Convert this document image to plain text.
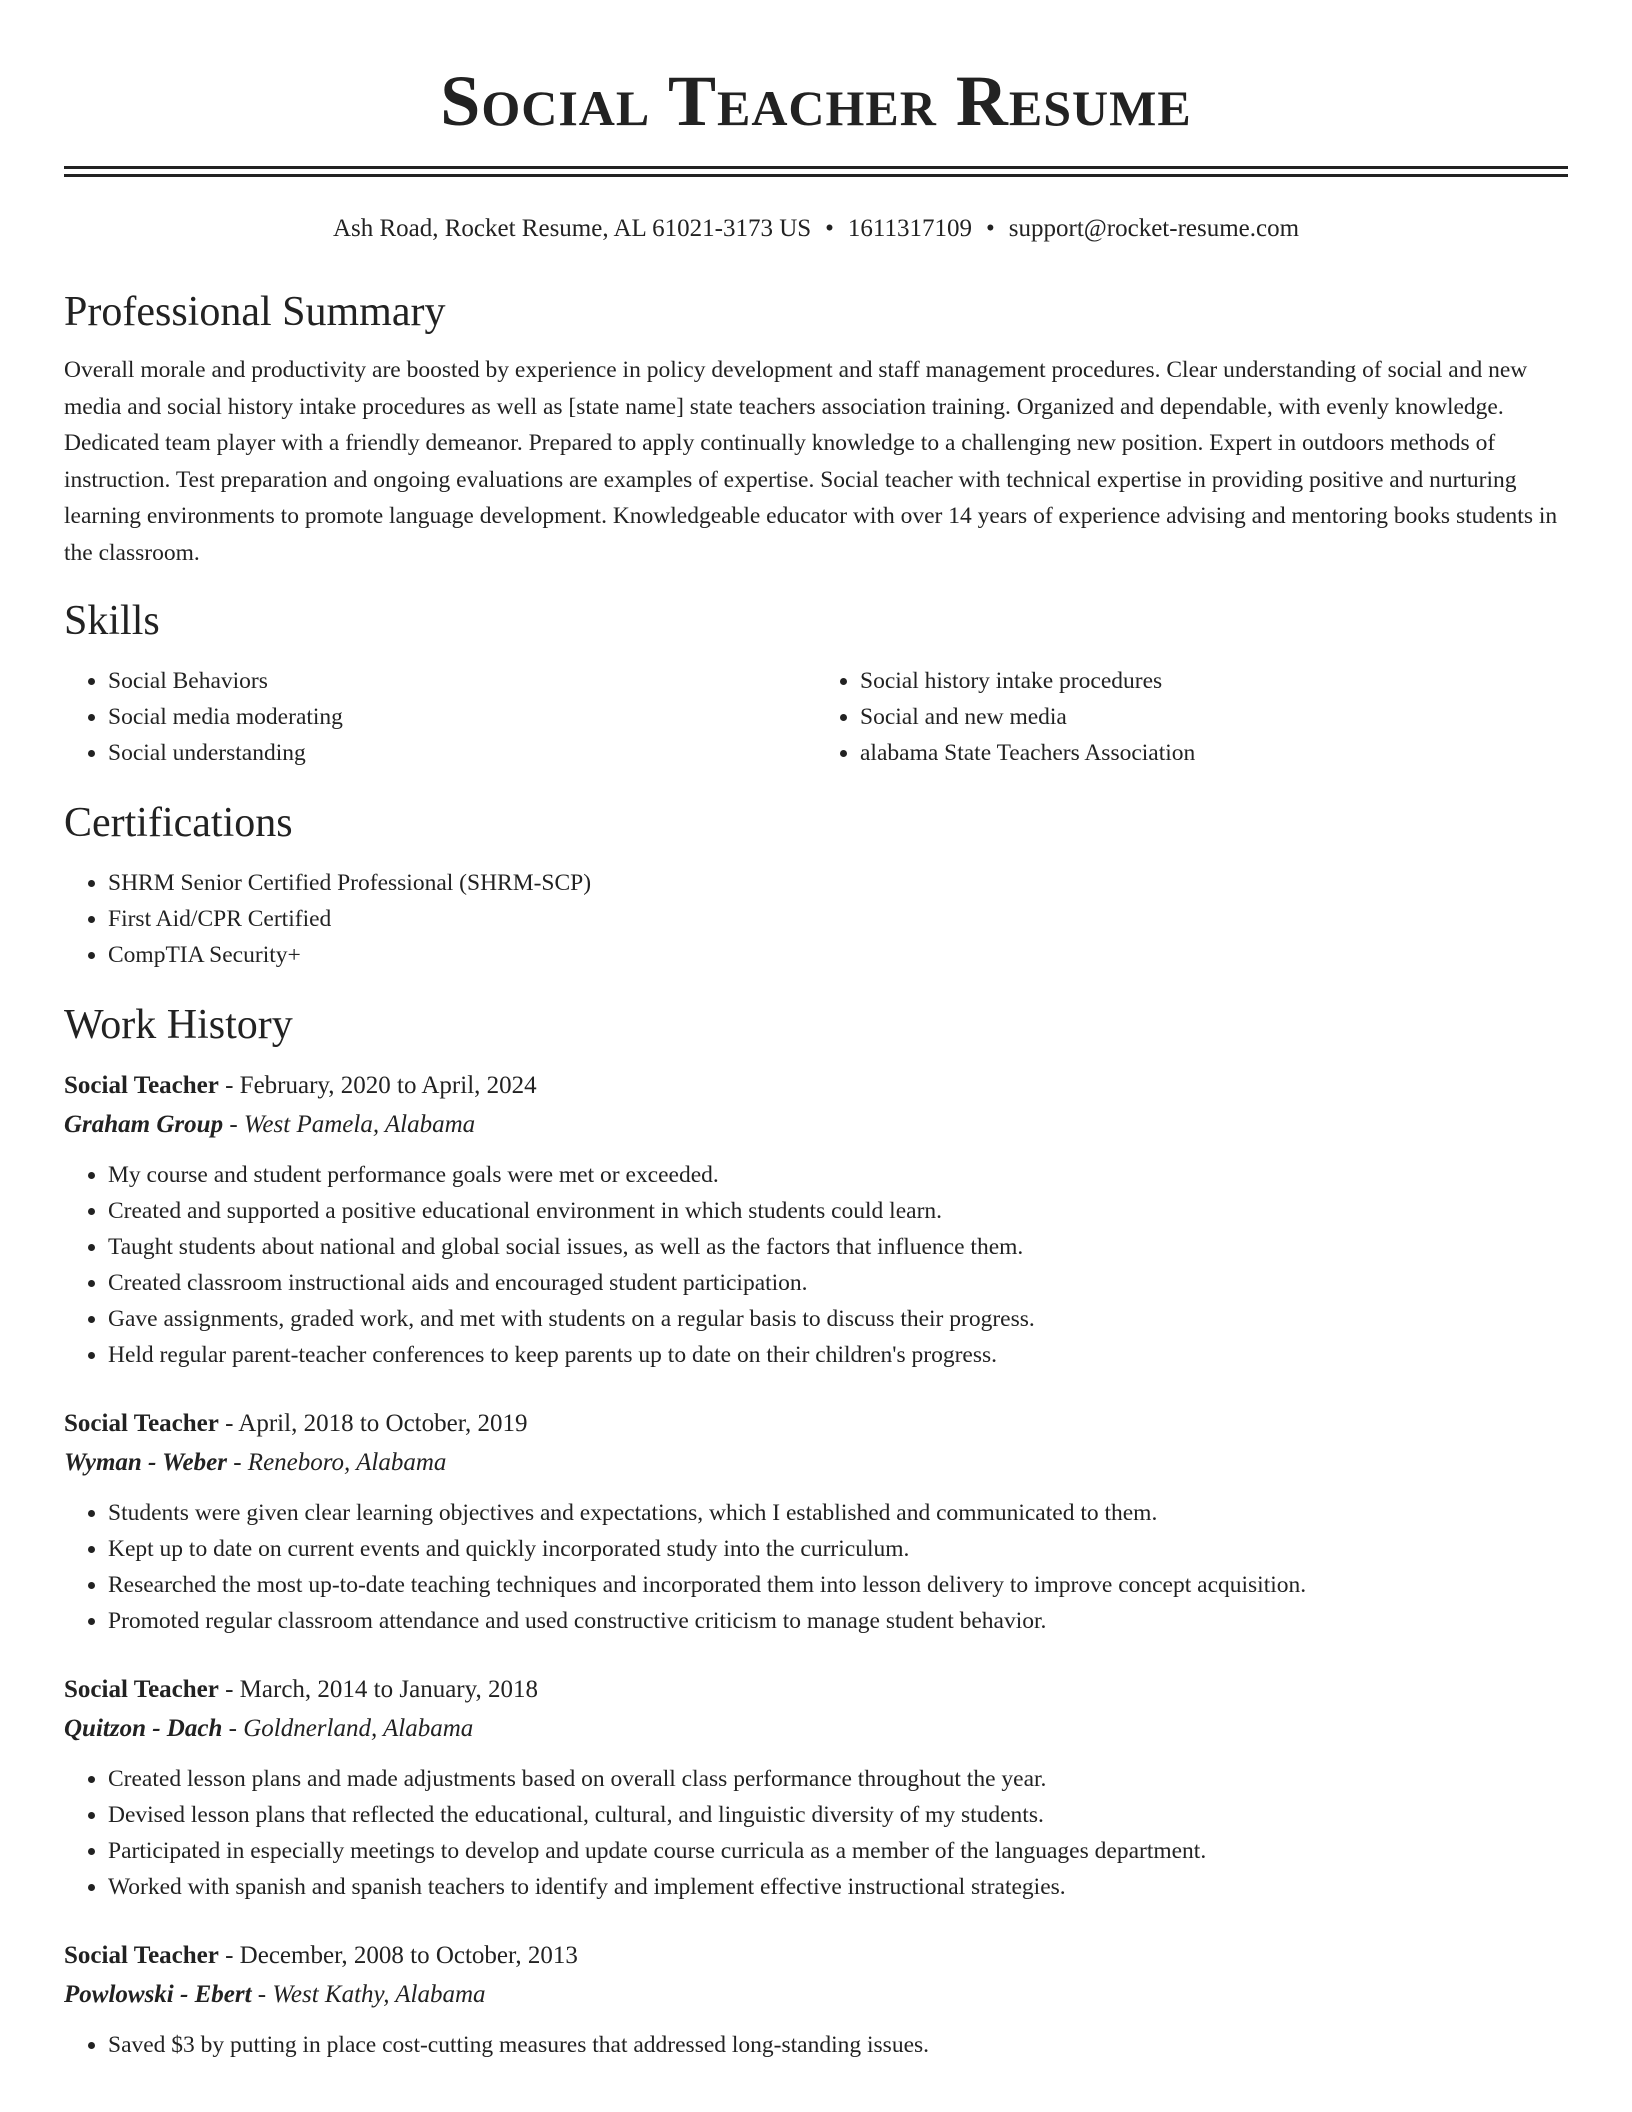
Social Teacher Resume
Ash Road, Rocket Resume, AL 61021-3173 US • 1611317109 • support@rocket-resume.com
Professional Summary

Overall morale and productivity are boosted by experience in policy development and staff management procedures. Clear understanding of social and new media and social history intake procedures as well as [state name] state teachers association training. Organized and dependable, with evenly knowledge. Dedicated team player with a friendly demeanor. Prepared to apply continually knowledge to a challenging new position. Expert in outdoors methods of instruction. Test preparation and ongoing evaluations are examples of expertise. Social teacher with technical expertise in providing positive and nurturing learning environments to promote language development. Knowledgeable educator with over 14 years of experience advising and mentoring books students in the classroom.

Skills
• Social Behaviors
• Social media moderating
• Social understanding
• Social history intake procedures
• Social and new media
• alabama State Teachers Association
Certifications
• SHRM Senior Certified Professional (SHRM-SCP)
• First Aid/CPR Certified
• CompTIA Security+
Work History
Social Teacher - February, 2020 to April, 2024
Graham Group - West Pamela, Alabama
• My course and student performance goals were met or exceeded.
• Created and supported a positive educational environment in which students could learn.
• Taught students about national and global social issues, as well as the factors that influence them.
• Created classroom instructional aids and encouraged student participation.
• Gave assignments, graded work, and met with students on a regular basis to discuss their progress.
• Held regular parent-teacher conferences to keep parents up to date on their children's progress.
Social Teacher - April, 2018 to October, 2019
Wyman - Weber - Reneboro, Alabama
• Students were given clear learning objectives and expectations, which I established and communicated to them.
• Kept up to date on current events and quickly incorporated study into the curriculum.
• Researched the most up-to-date teaching techniques and incorporated them into lesson delivery to improve concept acquisition.
• Promoted regular classroom attendance and used constructive criticism to manage student behavior.
Social Teacher - March, 2014 to January, 2018
Quitzon - Dach - Goldnerland, Alabama
• Created lesson plans and made adjustments based on overall class performance throughout the year.
• Devised lesson plans that reflected the educational, cultural, and linguistic diversity of my students.
• Participated in especially meetings to develop and update course curricula as a member of the languages department.
• Worked with spanish and spanish teachers to identify and implement effective instructional strategies.
Social Teacher - December, 2008 to October, 2013
Powlowski - Ebert - West Kathy, Alabama
• Saved $3 by putting in place cost-cutting measures that addressed long-standing issues.
